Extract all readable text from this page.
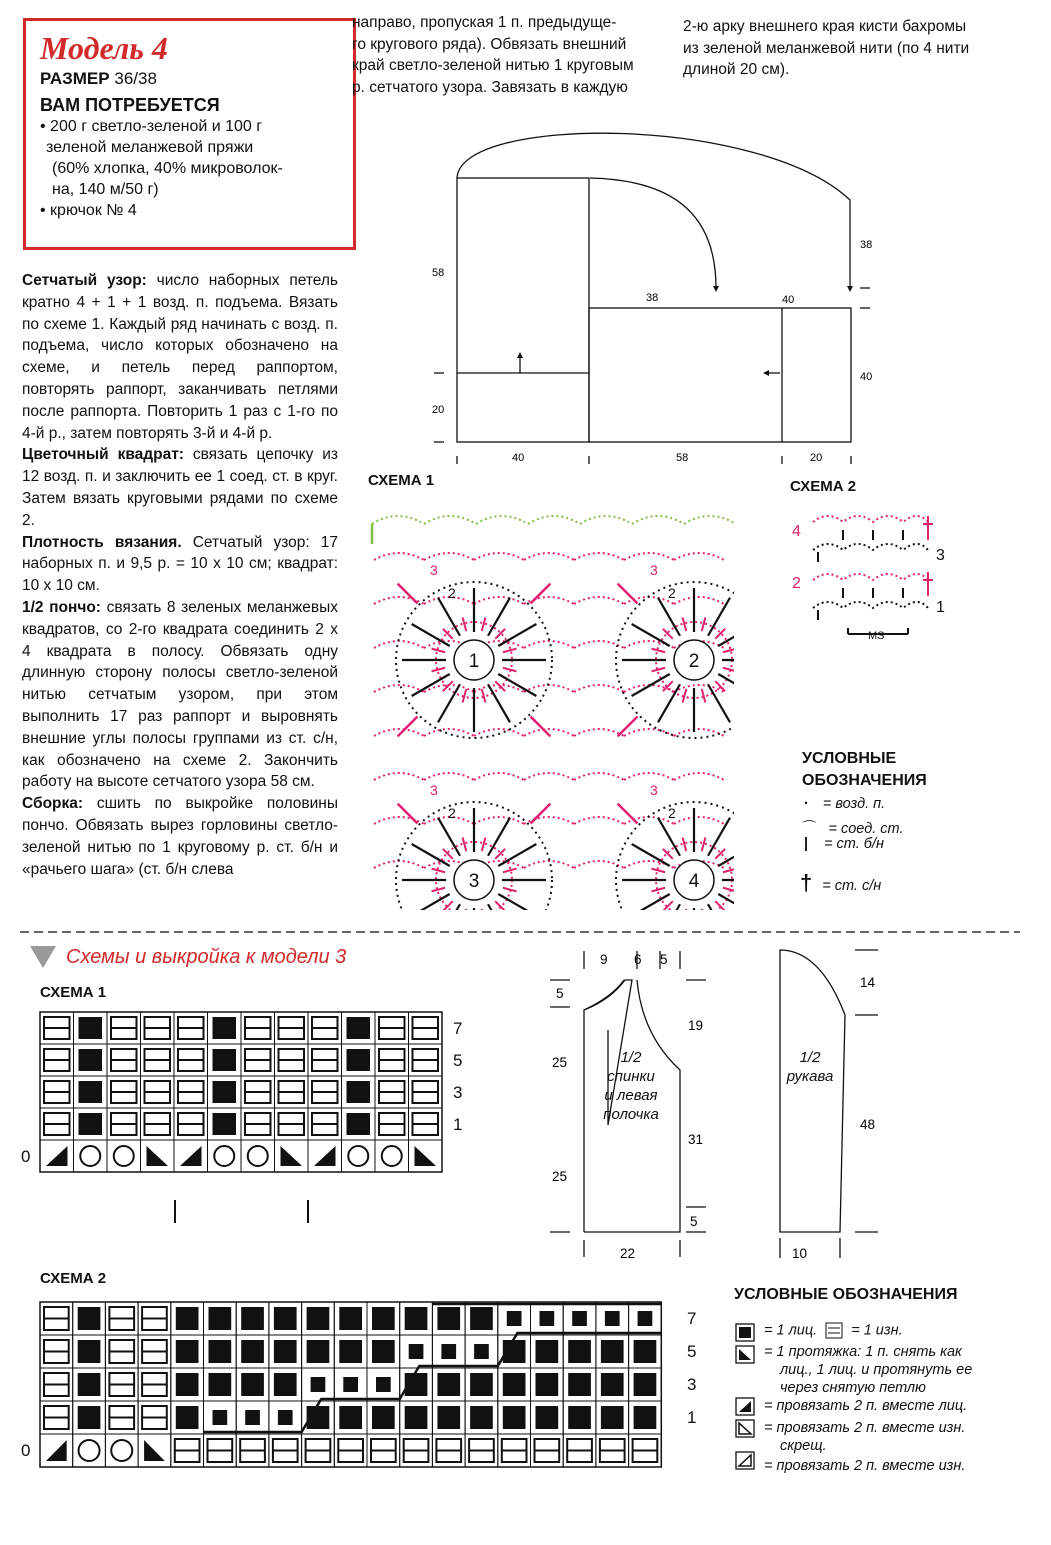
Модель 4
РАЗМЕР 36/38
ВАМ ПОТРЕБУЕТСЯ
• 200 г светло-зеленой и 100 г
зеленой меланжевой пряжи
(60% хлопка, 40% микроволок-
на, 140 м/50 г)
• крючок № 4

Сетчатый узор: число наборных петель кратно 4 + 1 + 1 возд. п. подъема. Вязать по схеме 1. Каждый ряд начинать с возд. п. подъема, число которых обозначено на схеме, и петель перед раппортом, повторять раппорт, заканчивать петлями после раппорта. Повторить 1 раз с 1-го по 4-й р., затем повторять 3-й и 4-й р.

Цветочный квадрат: связать цепочку из 12 возд. п. и заключить ее 1 соед. ст. в круг. Затем вязать круговыми рядами по схеме 2.

Плотность вязания. Сетчатый узор: 17 наборных п. и 9,5 р. = 10 х 10 см; квадрат: 10 х 10 см.

1/2 пончо: связать 8 зеленых меланжевых квадратов, со 2-го квадрата соединить 2 х 4 квадрата в полосу. Обвязать одну длинную сторону полосы светло-зеленой нитью сетчатым узором, при этом выполнить 17 раз раппорт и выровнять внешние углы полосы группами из ст. с/н, как обозначено на схеме 2. Закончить работу на высоте сетчатого узора 58 см.

Сборка: сшить по выкройке половины пончо. Обвязать вырез горловины светло-зеленой нитью по 1 круговому р. ст. б/н и «рачьего шага» (ст. б/н слева

направо, пропуская 1 п. предыдуще-

го кругового ряда). Обвязать внешний

край светло-зеленой нитью 1 круговым

р. сетчатого узора. Завязать в каждую

2-ю арку внешнего края кисти бахромы

из зеленой меланжевой нити (по 4 нити

длиной 20 см).

58
20
38
40
38	40
40	58	20
СХЕМА 1	СХЕМА 2
1
3
2
2
3
2
3
3
2
4
3
2
4
3
2
1
MS
УСЛОВНЫЕ
ОБОЗНАЧЕНИЯ
· = возд. п.
⌒ = соед. ст.
| = ст. б/н
† = ст. с/н
Схемы и выкройка к модели 3
СХЕМА 1
СХЕМА 2
7
5
3
1
0
7
5
3
1
0
9 6 5
5
25
25
19
31
5
22
1/2
спинки
и левая
полочка
14
48
10
1/2
рукава
УСЛОВНЫЕ ОБОЗНАЧЕНИЯ
= 1 лиц. = 1 изн.
= 1 протяжка: 1 п. снять как
лиц., 1 лиц. и протянуть ее
через снятую петлю
= провязать 2 п. вместе лиц.
= провязать 2 п. вместе изн.
скрещ.
= провязать 2 п. вместе изн.
